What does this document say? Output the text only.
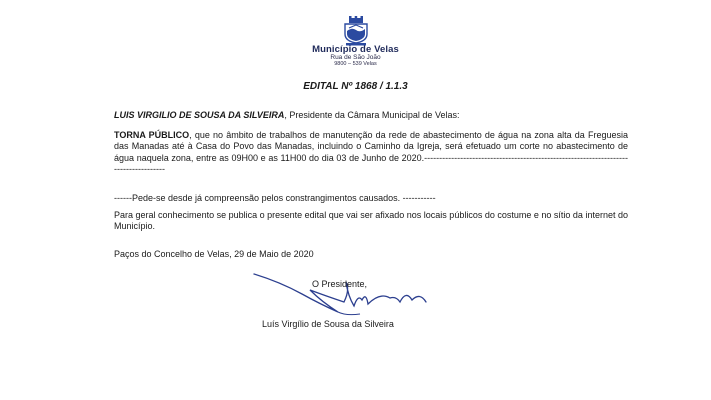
Município de Velas
Rua de São João
9800 – 539 Velas
EDITAL Nº 1868 / 1.1.3

LUIS VIRGILIO DE SOUSA DA SILVEIRA, Presidente da Câmara Municipal de Velas:

TORNA PÚBLICO, que no âmbito de trabalhos de manutenção da rede de abastecimento de água na zona alta da Freguesia das Manadas até à Casa do Povo das Manadas, incluindo o Caminho da Igreja, será efetuado um corte no abastecimento de água naquela zona, entre as 09H00 e as 11H00 do dia 03 de Junho de 2020.-------------------------------------------------------------------------------------

------Pede-se desde já compreensão pelos constrangimentos causados. -----------

Para geral conhecimento se publica o presente edital que vai ser afixado nos locais públicos do costume e no sítio da internet do Município.

Paços do Concelho de Velas, 29 de Maio de 2020

O Presidente,
Luís Virgílio de Sousa da Silveira
